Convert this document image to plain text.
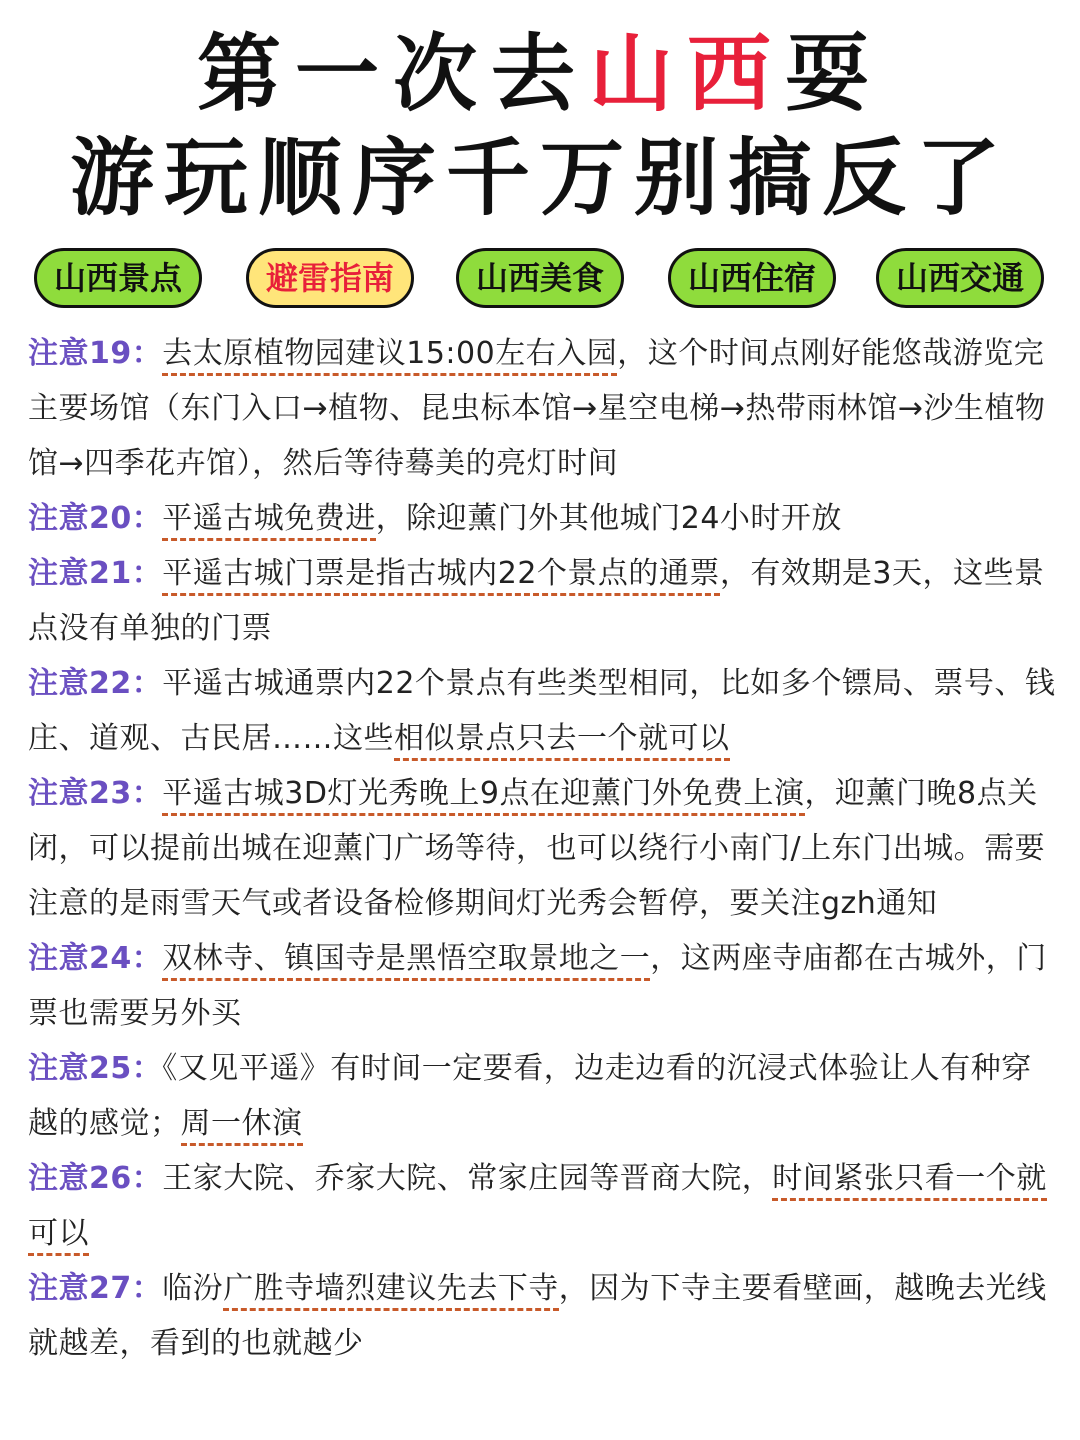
第一次去山西耍
游玩顺序千万别搞反了
山西景点	避雷指南	山西美食	山西住宿	山西交通

注意19：去太原植物园建议15:00左右入园，这个时间点刚好能悠哉游览完主要场馆（东门入口→植物、昆虫标本馆→星空电梯→热带雨林馆→沙生植物馆→四季花卉馆），然后等待蓦美的亮灯时间

注意20：平遥古城免费进，除迎薰门外其他城门24小时开放

注意21：平遥古城门票是指古城内22个景点的通票，有效期是3天，这些景点没有单独的门票

注意22：平遥古城通票内22个景点有些类型相同，比如多个镖局、票号、钱庄、道观、古民居……这些相似景点只去一个就可以

注意23：平遥古城3D灯光秀晚上9点在迎薰门外免费上演，迎薰门晚8点关闭，可以提前出城在迎薰门广场等待，也可以绕行小南门/上东门出城。需要注意的是雨雪天气或者设备检修期间灯光秀会暂停，要关注gzh通知

注意24：双林寺、镇国寺是黑悟空取景地之一，这两座寺庙都在古城外，门票也需要另外买

注意25：《又见平遥》有时间一定要看，边走边看的沉浸式体验让人有种穿越的感觉；周一休演

注意26：王家大院、乔家大院、常家庄园等晋商大院，时间紧张只看一个就可以

注意27：临汾广胜寺墙烈建议先去下寺，因为下寺主要看壁画，越晚去光线就越差，看到的也就越少
